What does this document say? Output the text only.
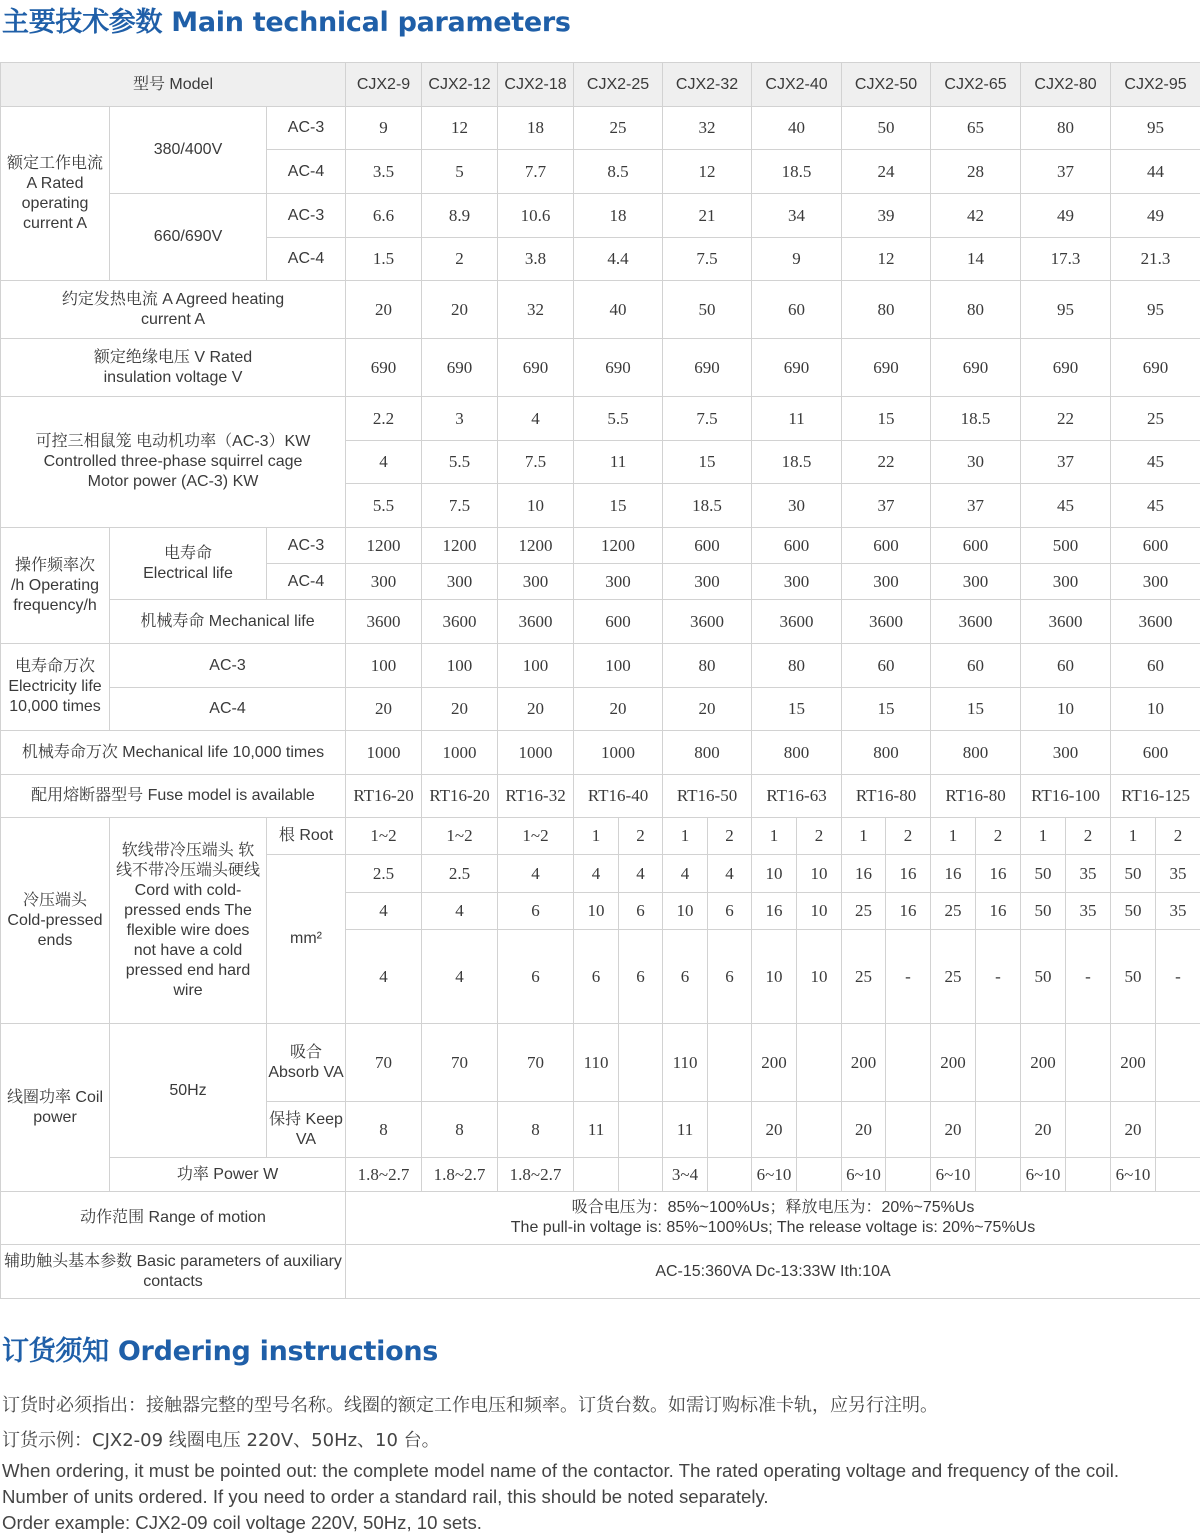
主要技术参数 Main technical parameters
型号 Model			CJX2-9	CJX2-12	CJX2-18	CJX2-25		CJX2-32		CJX2-40		CJX2-50		CJX2-65		CJX2-80		CJX2-95	
额定工作电流A Rated operating current A	380/400V	AC-3	9	12	18	25		32		40		50		65		80		95	
		AC-4	3.5	5	7.7	8.5		12		18.5		24		28		37		44	
	660/690V	AC-3	6.6	8.9	10.6	18		21		34		39		42		49		49	
		AC-4	1.5	2	3.8	4.4		7.5		9		12		14		17.3		21.3	
约定发热电流 A Agreed heating current A			20	20	32	40		50		60		80		80		95		95	
额定绝缘电压 V Rated insulation voltage V			690	690	690	690		690		690		690		690		690		690	
可控三相鼠笼 电动机功率（AC-3）KW Controlled three-phase squirrel cage Motor power (AC-3) KW			2.2	3	4	5.5		7.5		11		15		18.5		22		25	
			4	5.5	7.5	11		15		18.5		22		30		37		45	
			5.5	7.5	10	15		18.5		30		37		37		45		45	
操作频率次 /h Operating frequency/h	电寿命 Electrical life	AC-3	1200	1200	1200	1200		600		600		600		600		500		600	
		AC-4	300	300	300	300		300		300		300		300		300		300	
	机械寿命 Mechanical life		3600	3600	3600	600		3600		3600		3600		3600		3600		3600	
电寿命万次 Electricity life 10,000 times	AC-3		100	100	100	100		80		80		60		60		60		60	
	AC-4		20	20	20	20		20		15		15		15		10		10	
机械寿命万次 Mechanical life 10,000 times			1000	1000	1000	1000		800		800		800		800		300		600	
配用熔断器型号 Fuse model is available			RT16-20	RT16-20	RT16-32	RT16-40		RT16-50		RT16-63		RT16-80		RT16-80		RT16-100		RT16-125	
冷压端头 Cold-pressed ends	软线带冷压端头 软线不带冷压端头硬线 Cord with cold-pressed ends The flexible wire does not have a cold pressed end hard wire	根 Root	1~2	1~2	1~2	1	2	1	2	1	2	1	2	1	2	1	2	1	2
		mm²	2.5	2.5	4	4	4	4	4	10	10	16	16	16	16	50	35	50	35
			4	4	6	10	6	10	6	16	10	25	16	25	16	50	35	50	35
			4	4	6	6	6	6	6	10	10	25	-	25	-	50	-	50	-
线圈功率 Coil power	50Hz	吸合 Absorb VA	70	70	70	110		110		200		200		200		200		200	
		保持 Keep VA	8	8	8	11		11		20		20		20		20		20	
	功率 Power W		1.8~2.7	1.8~2.7	1.8~2.7			3~4		6~10		6~10		6~10		6~10		6~10	
动作范围 Range of motion			吸合电压为：85%~100%Us；释放电压为：20%~75%Us
The pull-in voltage is: 85%~100%Us; The release voltage is: 20%~75%Us																

辅助触头基本参数 Basic parameters of auxiliary contacts			AC-15:360VA Dc-13:33W Ith:10A																
订货须知 Ordering instructions
订货时必须指出：接触器完整的型号名称。线圈的额定工作电压和频率。订货台数。如需订购标准卡轨，应另行注明。
订货示例：CJX2-09 线圈电压 220V、50Hz、10 台。
When ordering, it must be pointed out: the complete model name of the contactor. The rated operating voltage and frequency of the coil.
Number of units ordered. If you need to order a standard rail, this should be noted separately.
Order example: CJX2-09 coil voltage 220V, 50Hz, 10 sets.
